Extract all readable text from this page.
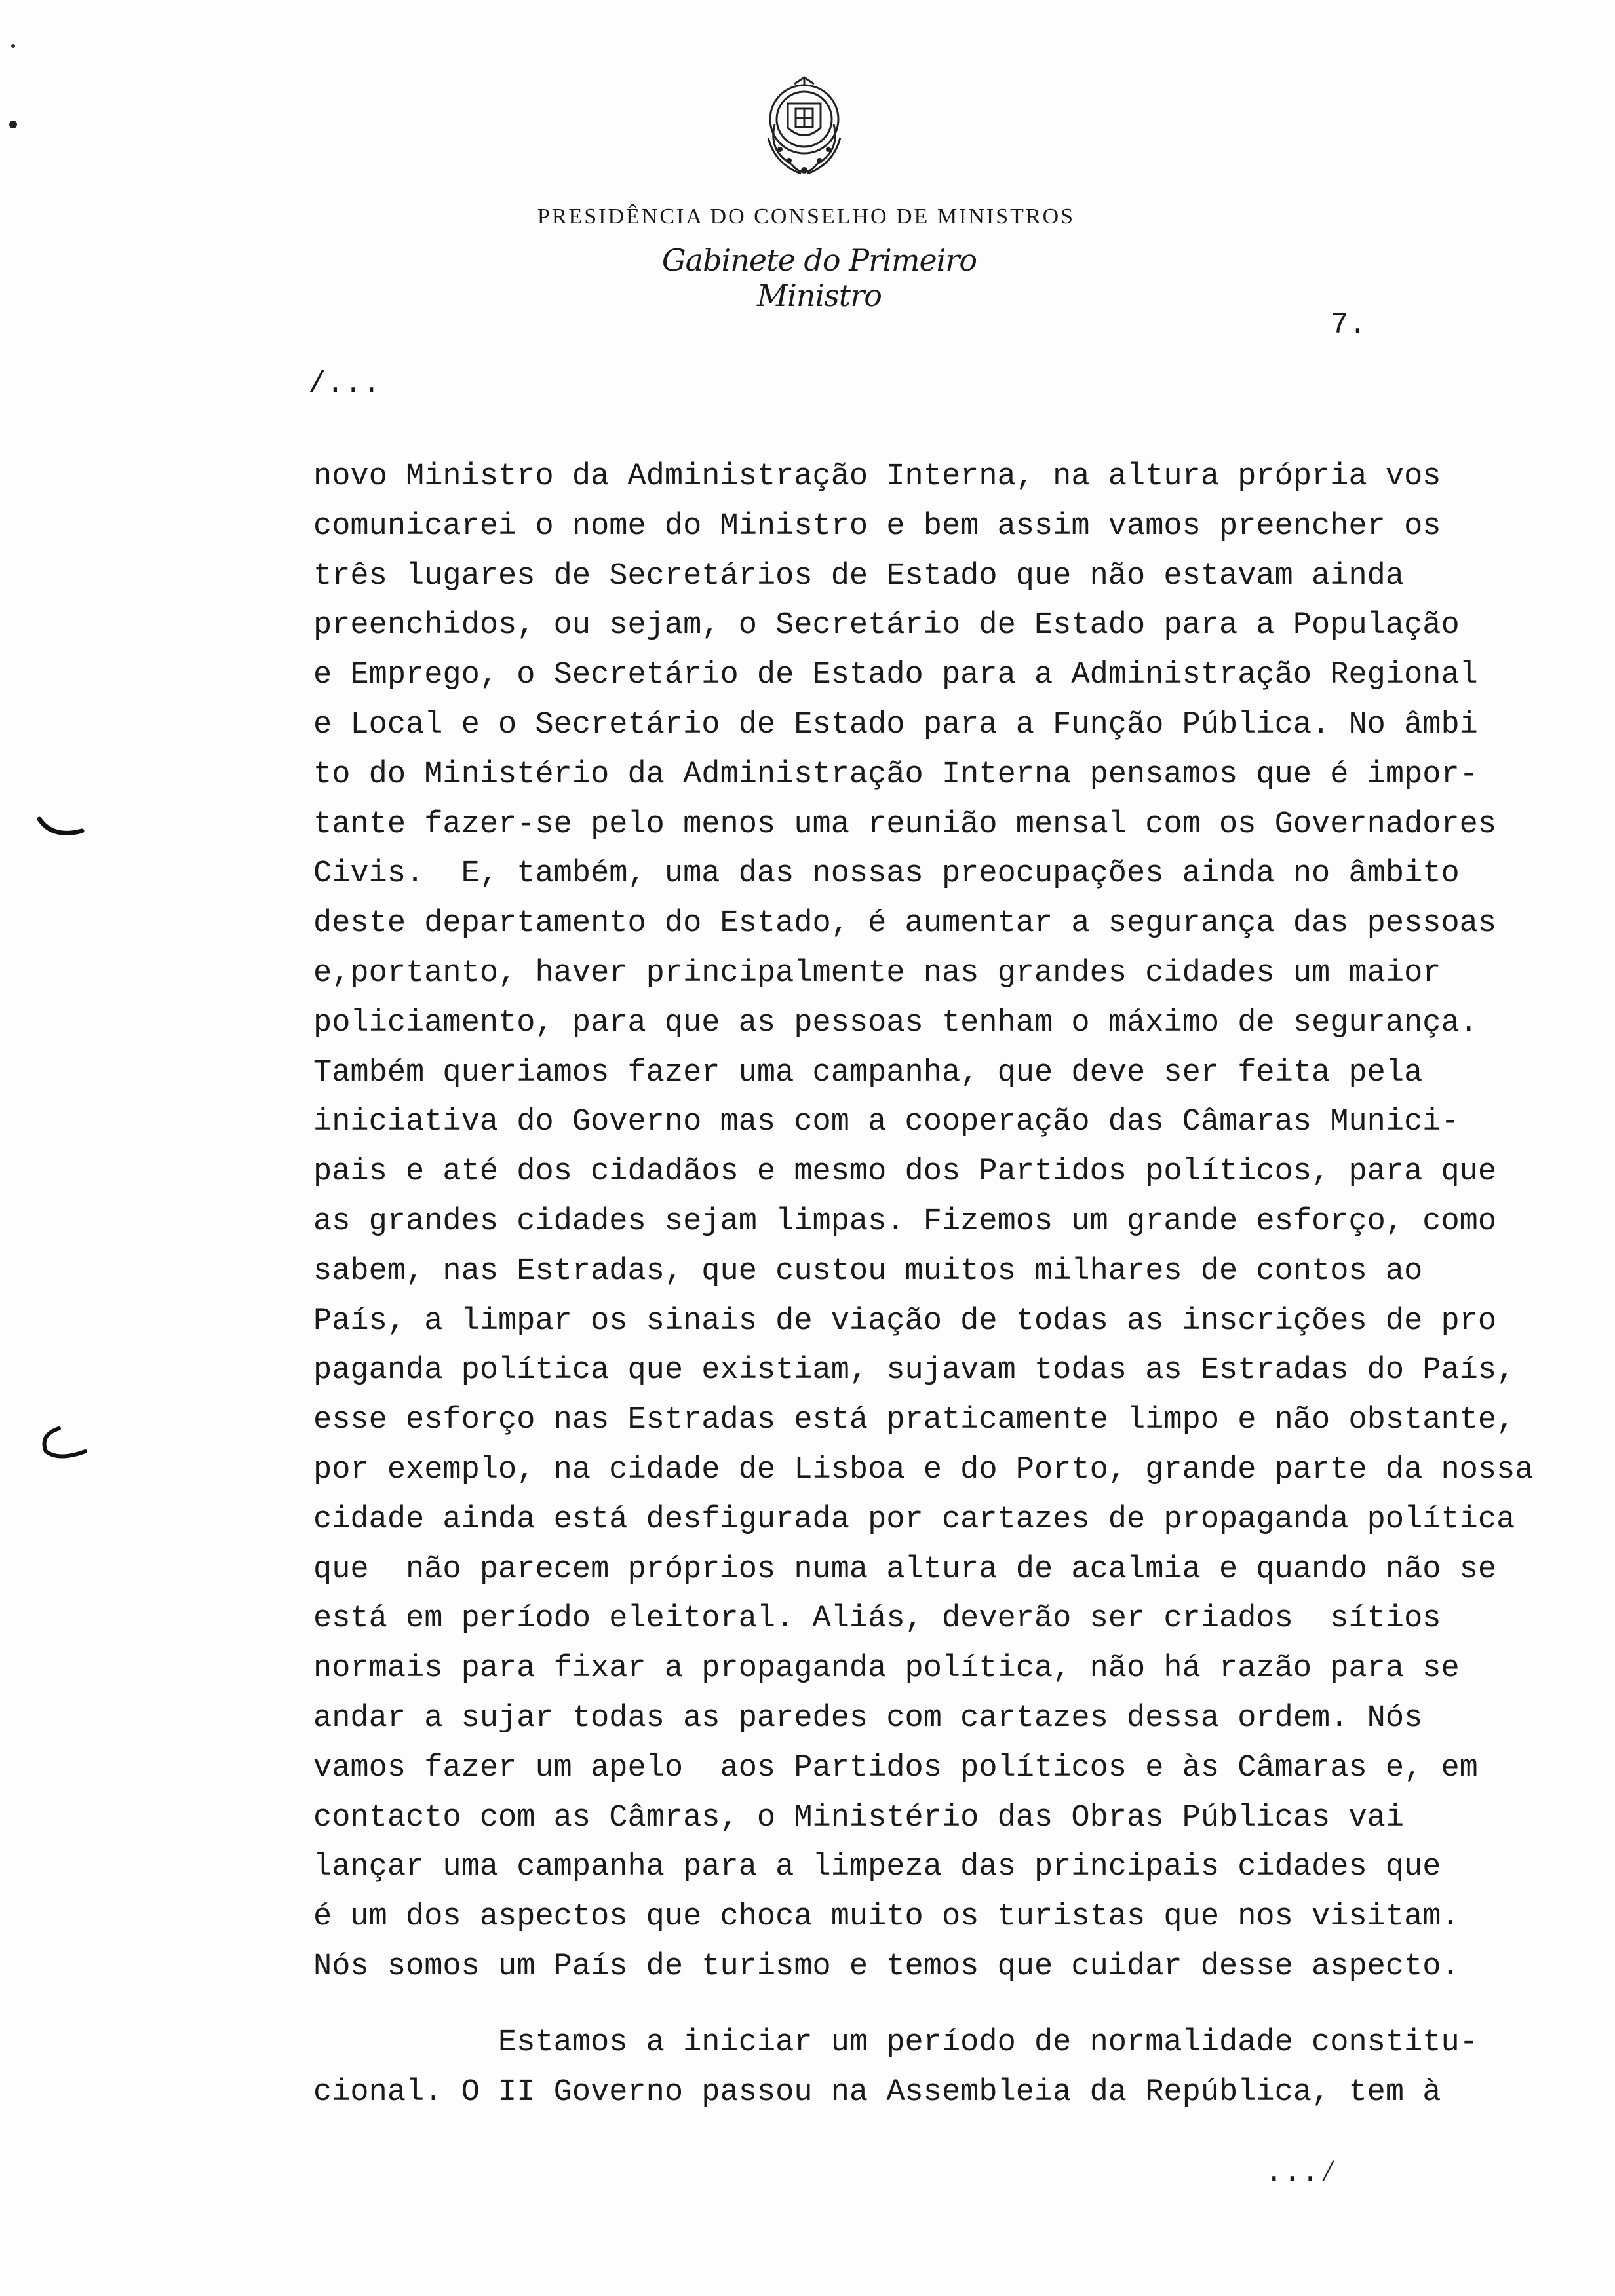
PRESIDÊNCIA DO CONSELHO DE MINISTROS
Gabinete do Primeiro Ministro
7.
/...
novo Ministro da Administração Interna, na altura própria vos
comunicarei o nome do Ministro e bem assim vamos preencher os
três lugares de Secretários de Estado que não estavam ainda
preenchidos, ou sejam, o Secretário de Estado para a População
e Emprego, o Secretário de Estado para a Administração Regional
e Local e o Secretário de Estado para a Função Pública. No âmbi
to do Ministério da Administração Interna pensamos que é impor-
tante fazer-se pelo menos uma reunião mensal com os Governadores
Civis.  E, também, uma das nossas preocupações ainda no âmbito
deste departamento do Estado, é aumentar a segurança das pessoas
e,portanto, haver principalmente nas grandes cidades um maior
policiamento, para que as pessoas tenham o máximo de segurança.
Também queriamos fazer uma campanha, que deve ser feita pela
iniciativa do Governo mas com a cooperação das Câmaras Munici-
pais e até dos cidadãos e mesmo dos Partidos políticos, para que
as grandes cidades sejam limpas. Fizemos um grande esforço, como
sabem, nas Estradas, que custou muitos milhares de contos ao
País, a limpar os sinais de viação de todas as inscrições de pro
paganda política que existiam, sujavam todas as Estradas do País,
esse esforço nas Estradas está praticamente limpo e não obstante,
por exemplo, na cidade de Lisboa e do Porto, grande parte da nossa
cidade ainda está desfigurada por cartazes de propaganda política
que  não parecem próprios numa altura de acalmia e quando não se
está em período eleitoral. Aliás, deverão ser criados  sítios
normais para fixar a propaganda política, não há razão para se
andar a sujar todas as paredes com cartazes dessa ordem. Nós
vamos fazer um apelo  aos Partidos políticos e às Câmaras e, em
contacto com as Câmras, o Ministério das Obras Públicas vai
lançar uma campanha para a limpeza das principais cidades que
é um dos aspectos que choca muito os turistas que nos visitam.
Nós somos um País de turismo e temos que cuidar desse aspecto.
Estamos a iniciar um período de normalidade constitu-
cional. O II Governo passou na Assembleia da República, tem à
...⁄
